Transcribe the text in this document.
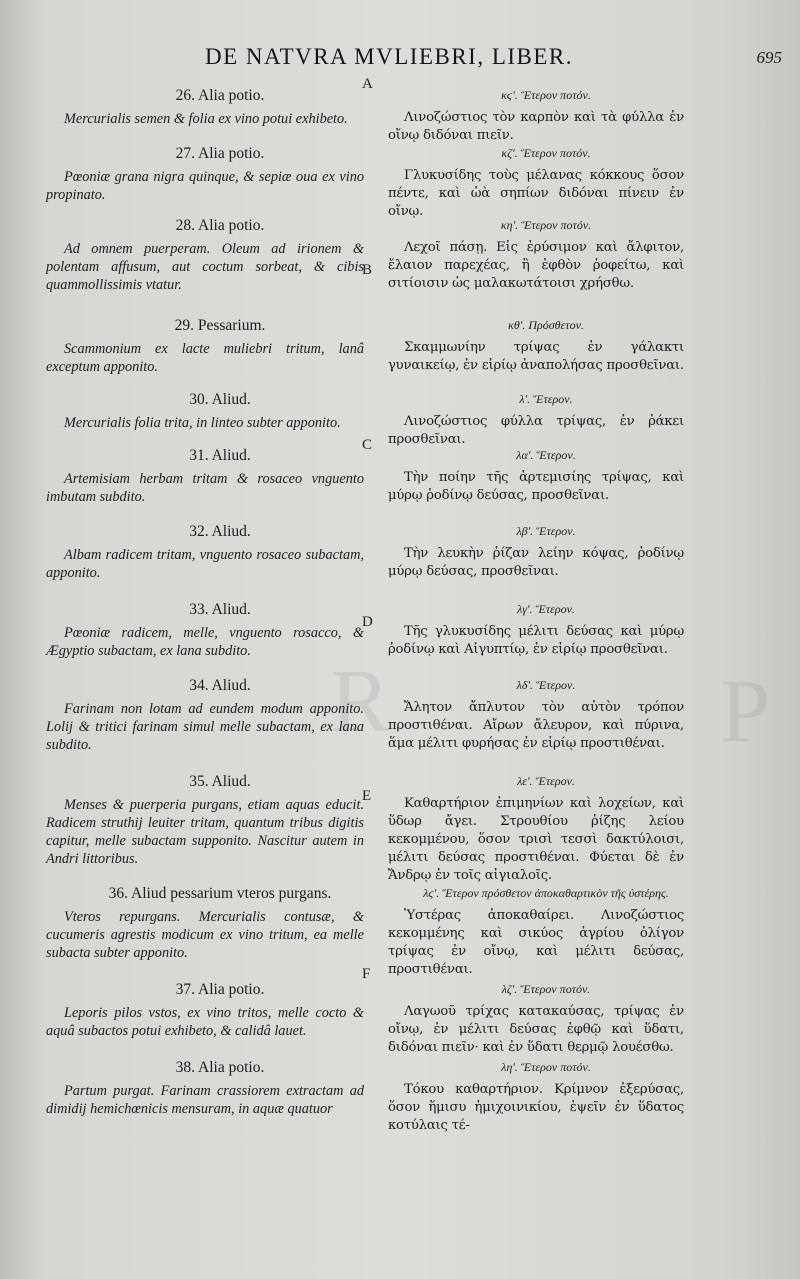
R	P
DE NATVRA MVLIEBRI, LIBER.	695
A
B
C
D
E
F
26. Alia potio.
Mercurialis semen & folia ex vino potui exhibeto.
27. Alia potio.
Pœoniæ grana nigra quinque, & sepiæ oua ex vino propinato.
28. Alia potio.
Ad omnem puerperam. Oleum ad irionem & polentam affusum, aut coctum sorbeat, & cibis quammollissimis vtatur.
29. Pessarium.
Scammonium ex lacte muliebri tritum, lanâ exceptum apponito.
30. Aliud.
Mercurialis folia trita, in linteo subter apponito.
31. Aliud.
Artemisiam herbam tritam & rosaceo vnguento imbutam subdito.
32. Aliud.
Albam radicem tritam, vnguento rosaceo subactam, apponito.
33. Aliud.
Pœoniæ radicem, melle, vnguento rosacco, & Ægyptio subactam, ex lana subdito.
34. Aliud.
Farinam non lotam ad eundem modum apponito. Lolij & tritici farinam simul melle subactam, ex lana subdito.
35. Aliud.
Menses & puerperia purgans, etiam aquas educit. Radicem struthij leuiter tritam, quantum tribus digitis capitur, melle subactam supponito. Nascitur autem in Andri littoribus.
36. Aliud pessarium vteros purgans.
Vteros repurgans. Mercurialis contusæ, & cucumeris agrestis modicum ex vino tritum, ea melle subacta subter apponito.
37. Alia potio.
Leporis pilos vstos, ex vino tritos, melle cocto & aquâ subactos potui exhibeto, & calidâ lauet.
38. Alia potio.
Partum purgat. Farinam crassiorem extractam ad dimidij hemichœnicis mensuram, in aquæ quatuor
κϛʹ. Ἕτερον ποτόν.
Λινοζώστιος τὸν καρπὸν καὶ τὰ φύλλα ἐν οἴνῳ διδόναι πιεῖν.
κζʹ. Ἕτερον ποτόν.
Γλυκυσίδης τοὺς μέλανας κόκκους ὅσον πέντε, καὶ ὠὰ σηπίων διδόναι πίνειν ἐν οἴνῳ.
κηʹ. Ἕτερον ποτόν.
Λεχοῖ πάσῃ. Εἰς ἐρύσιμον καὶ ἄλφιτον, ἔλαιον παρεχέας, ἢ ἑφθὸν ῥοφείτω, καὶ σιτίοισιν ὡς μαλακωτάτοισι χρήσθω.
κθʹ. Πρόσθετον.
Σκαμμωνίην τρίψας ἐν γάλακτι γυναικείῳ, ἐν εἰρίῳ ἀναπολήσας προσθεῖναι.
λʹ. Ἕτερον.
Λινοζώστιος φύλλα τρίψας, ἐν ῥάκει προσθεῖναι.
λαʹ. Ἕτερον.
Τὴν ποίην τῆς ἀρτεμισίης τρίψας, καὶ μύρῳ ῥοδίνῳ δεύσας, προσθεῖναι.
λβʹ. Ἕτερον.
Τὴν λευκὴν ῥίζαν λείην κόψας, ῥοδίνῳ μύρῳ δεύσας, προσθεῖναι.
λγʹ. Ἕτερον.
Τῆς γλυκυσίδης μέλιτι δεύσας καὶ μύρῳ ῥοδίνῳ καὶ Αἰγυπτίῳ, ἐν εἰρίῳ προσθεῖναι.
λδʹ. Ἕτερον.
Ἄλητον ἄπλυτον τὸν αὐτὸν τρόπον προστιθέναι. Αἴρων ἄλευρον, καὶ πύρινα, ἅμα μέλιτι φυρήσας ἐν εἰρίῳ προστιθέναι.
λεʹ. Ἕτερον.
Καθαρτήριον ἐπιμηνίων καὶ λοχείων, καὶ ὕδωρ ἄγει. Στρουθίου ῥίζης λείου κεκομμένου, ὅσον τρισὶ τεσσὶ δακτύλοισι, μέλιτι δεύσας προστιθέναι. Φύεται δὲ ἐν Ἄνδρῳ ἐν τοῖς αἰγιαλοῖς.
λϛʹ. Ἕτερον πρόσθετον ἀποκαθαρτικὸν τῆς ὑστέρης.
Ὑστέρας ἀποκαθαίρει. Λινοζώστιος κεκομμένης καὶ σικύος ἀγρίου ὀλίγον τρίψας ἐν οἴνῳ, καὶ μέλιτι δεύσας, προστιθέναι.
λζʹ. Ἕτερον ποτόν.
Λαγωοῦ τρίχας κατακαύσας, τρίψας ἐν οἴνῳ, ἐν μέλιτι δεύσας ἑφθῷ καὶ ὕδατι, διδόναι πιεῖν· καὶ ἐν ὕδατι θερμῷ λουέσθω.
ληʹ. Ἕτερον ποτόν.
Τόκου καθαρτήριον. Κρίμνον ἐξερύσας, ὅσον ἥμισυ ἡμιχοινικίου, ἑψεῖν ἐν ὕδατος κοτύλαις τέ-
